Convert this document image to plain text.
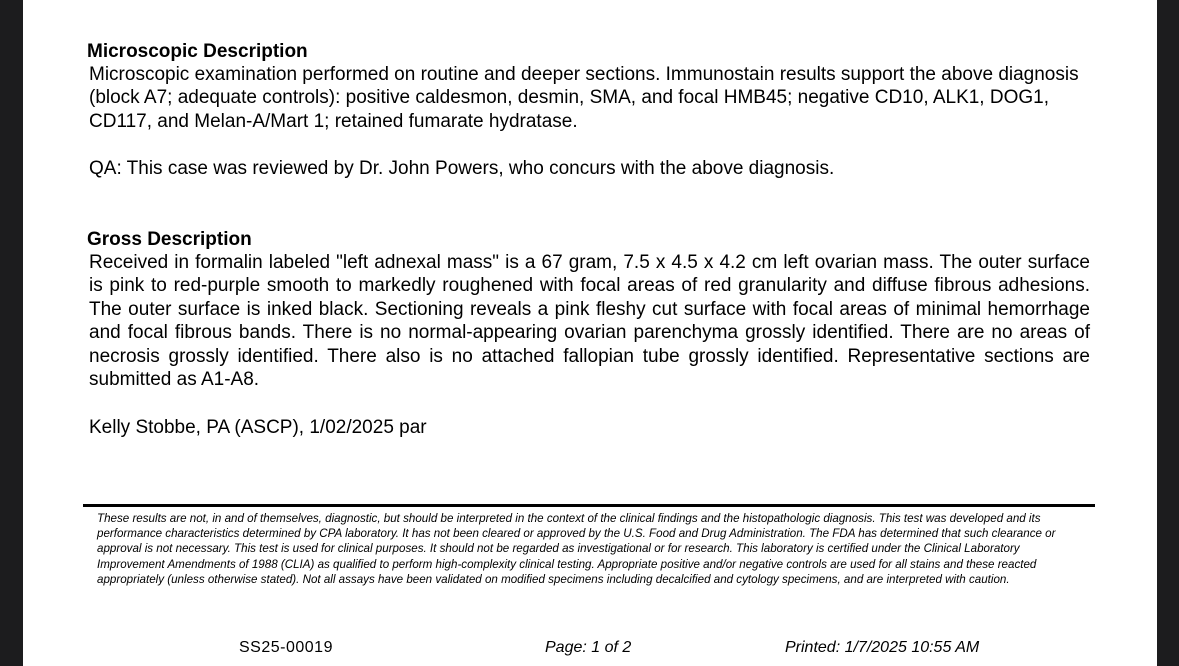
Microscopic Description

Microscopic examination performed on routine and deeper sections. Immunostain results support the above diagnosis (block A7; adequate controls): positive caldesmon, desmin, SMA, and focal HMB45; negative CD10, ALK1, DOG1, CD117, and Melan-A/Mart 1; retained fumarate hydratase.

QA: This case was reviewed by Dr. John Powers, who concurs with the above diagnosis.

Gross Description

Received in formalin labeled "left adnexal mass" is a 67 gram, 7.5 x 4.5 x 4.2 cm left ovarian mass. The outer surface is pink to red-purple smooth to markedly roughened with focal areas of red granularity and diffuse fibrous adhesions. The outer surface is inked black. Sectioning reveals a pink fleshy cut surface with focal areas of minimal hemorrhage and focal fibrous bands. There is no normal-appearing ovarian parenchyma grossly identified. There are no areas of necrosis grossly identified. There also is no attached fallopian tube grossly identified. Representative sections are submitted as A1-A8.

Kelly Stobbe, PA (ASCP), 1/02/2025 par

These results are not, in and of themselves, diagnostic, but should be interpreted in the context of the clinical findings and the histopathologic diagnosis. This test was developed and its performance characteristics determined by CPA laboratory. It has not been cleared or approved by the U.S. Food and Drug Administration. The FDA has determined that such clearance or approval is not necessary. This test is used for clinical purposes. It should not be regarded as investigational or for research. This laboratory is certified under the Clinical Laboratory Improvement Amendments of 1988 (CLIA) as qualified to perform high-complexity clinical testing. Appropriate positive and/or negative controls are used for all stains and these reacted appropriately (unless otherwise stated). Not all assays have been validated on modified specimens including decalcified and cytology specimens, and are interpreted with caution.

SS25-00019	Page: 1 of 2	Printed: 1/7/2025 10:55 AM
